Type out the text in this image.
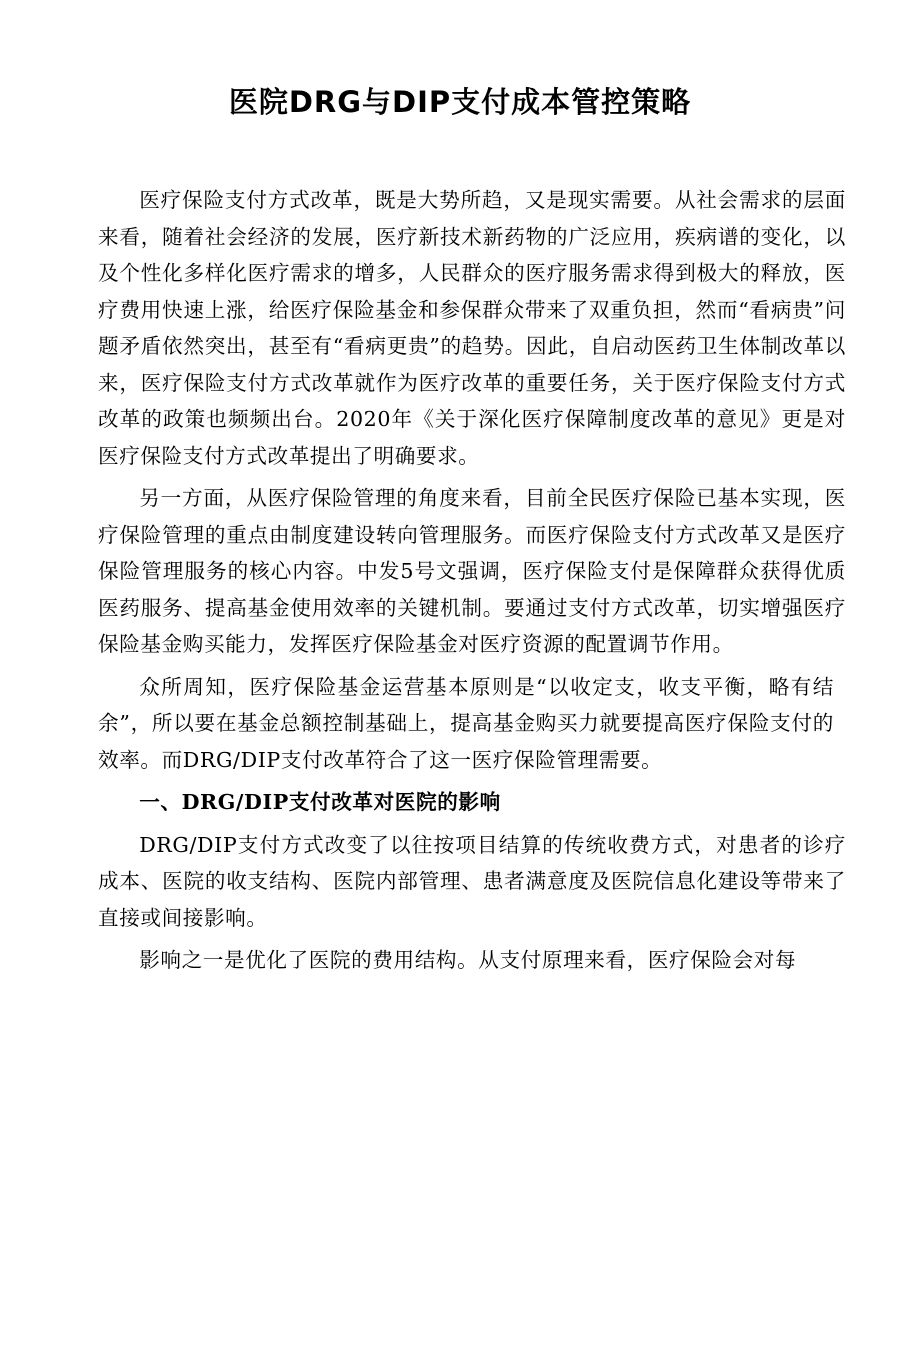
医院DRG与DIP支付成本管控策略

医疗保险支付方式改革，既是大势所趋，又是现实需要。从社会需求的层面来看，随着社会经济的发展，医疗新技术新药物的广泛应用，疾病谱的变化，以及个性化多样化医疗需求的增多，人民群众的医疗服务需求得到极大的释放，医疗费用快速上涨，给医疗保险基金和参保群众带来了双重负担，然而“看病贵”问题矛盾依然突出，甚至有“看病更贵”的趋势。因此，自启动医药卫生体制改革以来，医疗保险支付方式改革就作为医疗改革的重要任务，关于医疗保险支付方式改革的政策也频频出台。2020年《关于深化医疗保障制度改革的意见》更是对医疗保险支付方式改革提出了明确要求。

另一方面，从医疗保险管理的角度来看，目前全民医疗保险已基本实现，医疗保险管理的重点由制度建设转向管理服务。而医疗保险支付方式改革又是医疗保险管理服务的核心内容。中发5号文强调，医疗保险支付是保障群众获得优质医药服务、提高基金使用效率的关键机制。要通过支付方式改革，切实增强医疗保险基金购买能力，发挥医疗保险基金对医疗资源的配置调节作用。

众所周知，医疗保险基金运营基本原则是“以收定支，收支平衡，略有结余”，所以要在基金总额控制基础上，提高基金购买力就要提高医疗保险支付的效率。而DRG/DIP支付改革符合了这一医疗保险管理需要。

一、DRG/DIP支付改革对医院的影响

DRG/DIP支付方式改变了以往按项目结算的传统收费方式，对患者的诊疗成本、医院的收支结构、医院内部管理、患者满意度及医院信息化建设等带来了直接或间接影响。

影响之一是优化了医院的费用结构。从支付原理来看，医疗保险会对每
